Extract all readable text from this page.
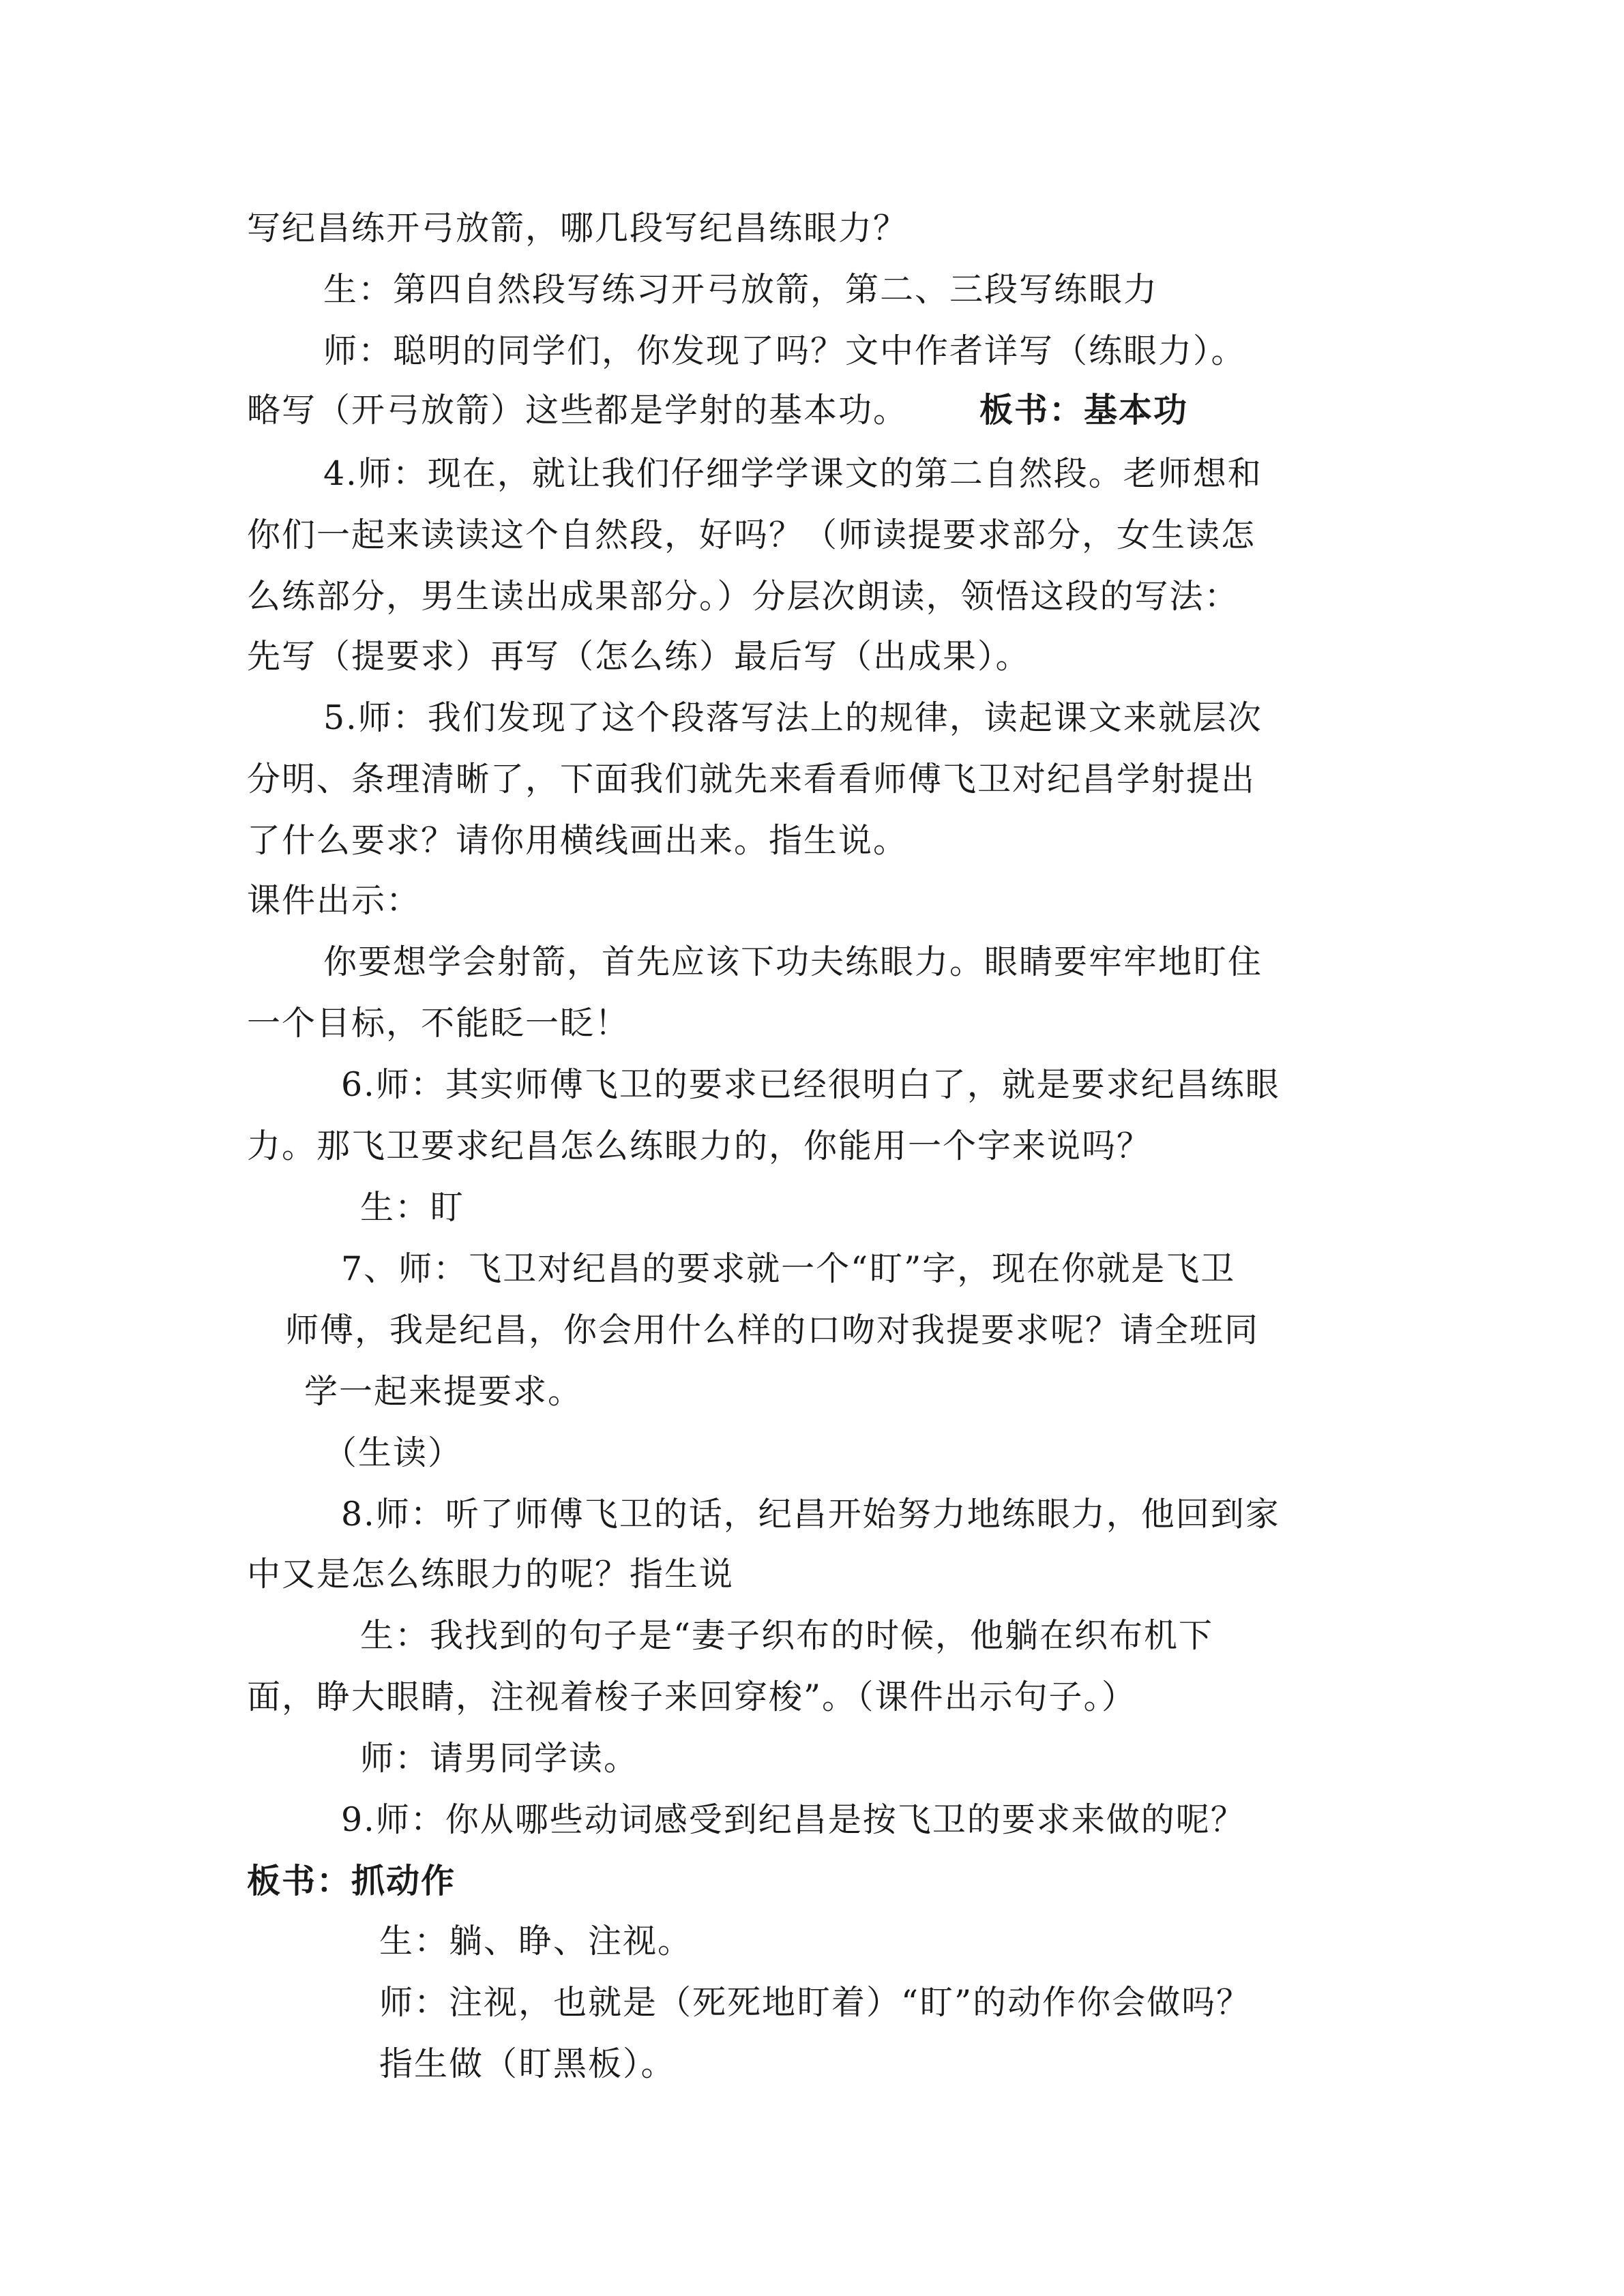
写纪昌练开弓放箭，哪几段写纪昌练眼力？
生：第四自然段写练习开弓放箭，第二、三段写练眼力
师：聪明的同学们，你发现了吗？文中作者详写（练眼力）。
略写（开弓放箭）这些都是学射的基本功。 板书：基本功
4.师：现在，就让我们仔细学学课文的第二自然段。老师想和
你们一起来读读这个自然段，好吗？（师读提要求部分，女生读怎
么练部分，男生读出成果部分。）分层次朗读，领悟这段的写法：
先写（提要求）再写（怎么练）最后写（出成果）。
5.师：我们发现了这个段落写法上的规律，读起课文来就层次
分明、条理清晰了，下面我们就先来看看师傅飞卫对纪昌学射提出
了什么要求？请你用横线画出来。指生说。
课件出示：
你要想学会射箭，首先应该下功夫练眼力。眼睛要牢牢地盯住
一个目标，不能眨一眨！
6.师：其实师傅飞卫的要求已经很明白了，就是要求纪昌练眼
力。那飞卫要求纪昌怎么练眼力的，你能用一个字来说吗？
生：盯
7、师：飞卫对纪昌的要求就一个“盯”字，现在你就是飞卫
师傅，我是纪昌，你会用什么样的口吻对我提要求呢？请全班同
学一起来提要求。
（生读）
8.师：听了师傅飞卫的话，纪昌开始努力地练眼力，他回到家
中又是怎么练眼力的呢？指生说
生：我找到的句子是“妻子织布的时候，他躺在织布机下
面，睁大眼睛，注视着梭子来回穿梭”。（课件出示句子。）
师：请男同学读。
9.师：你从哪些动词感受到纪昌是按飞卫的要求来做的呢？
板书：抓动作
生：躺、睁、注视。
师：注视，也就是（死死地盯着）“盯”的动作你会做吗？
指生做（盯黑板）。
